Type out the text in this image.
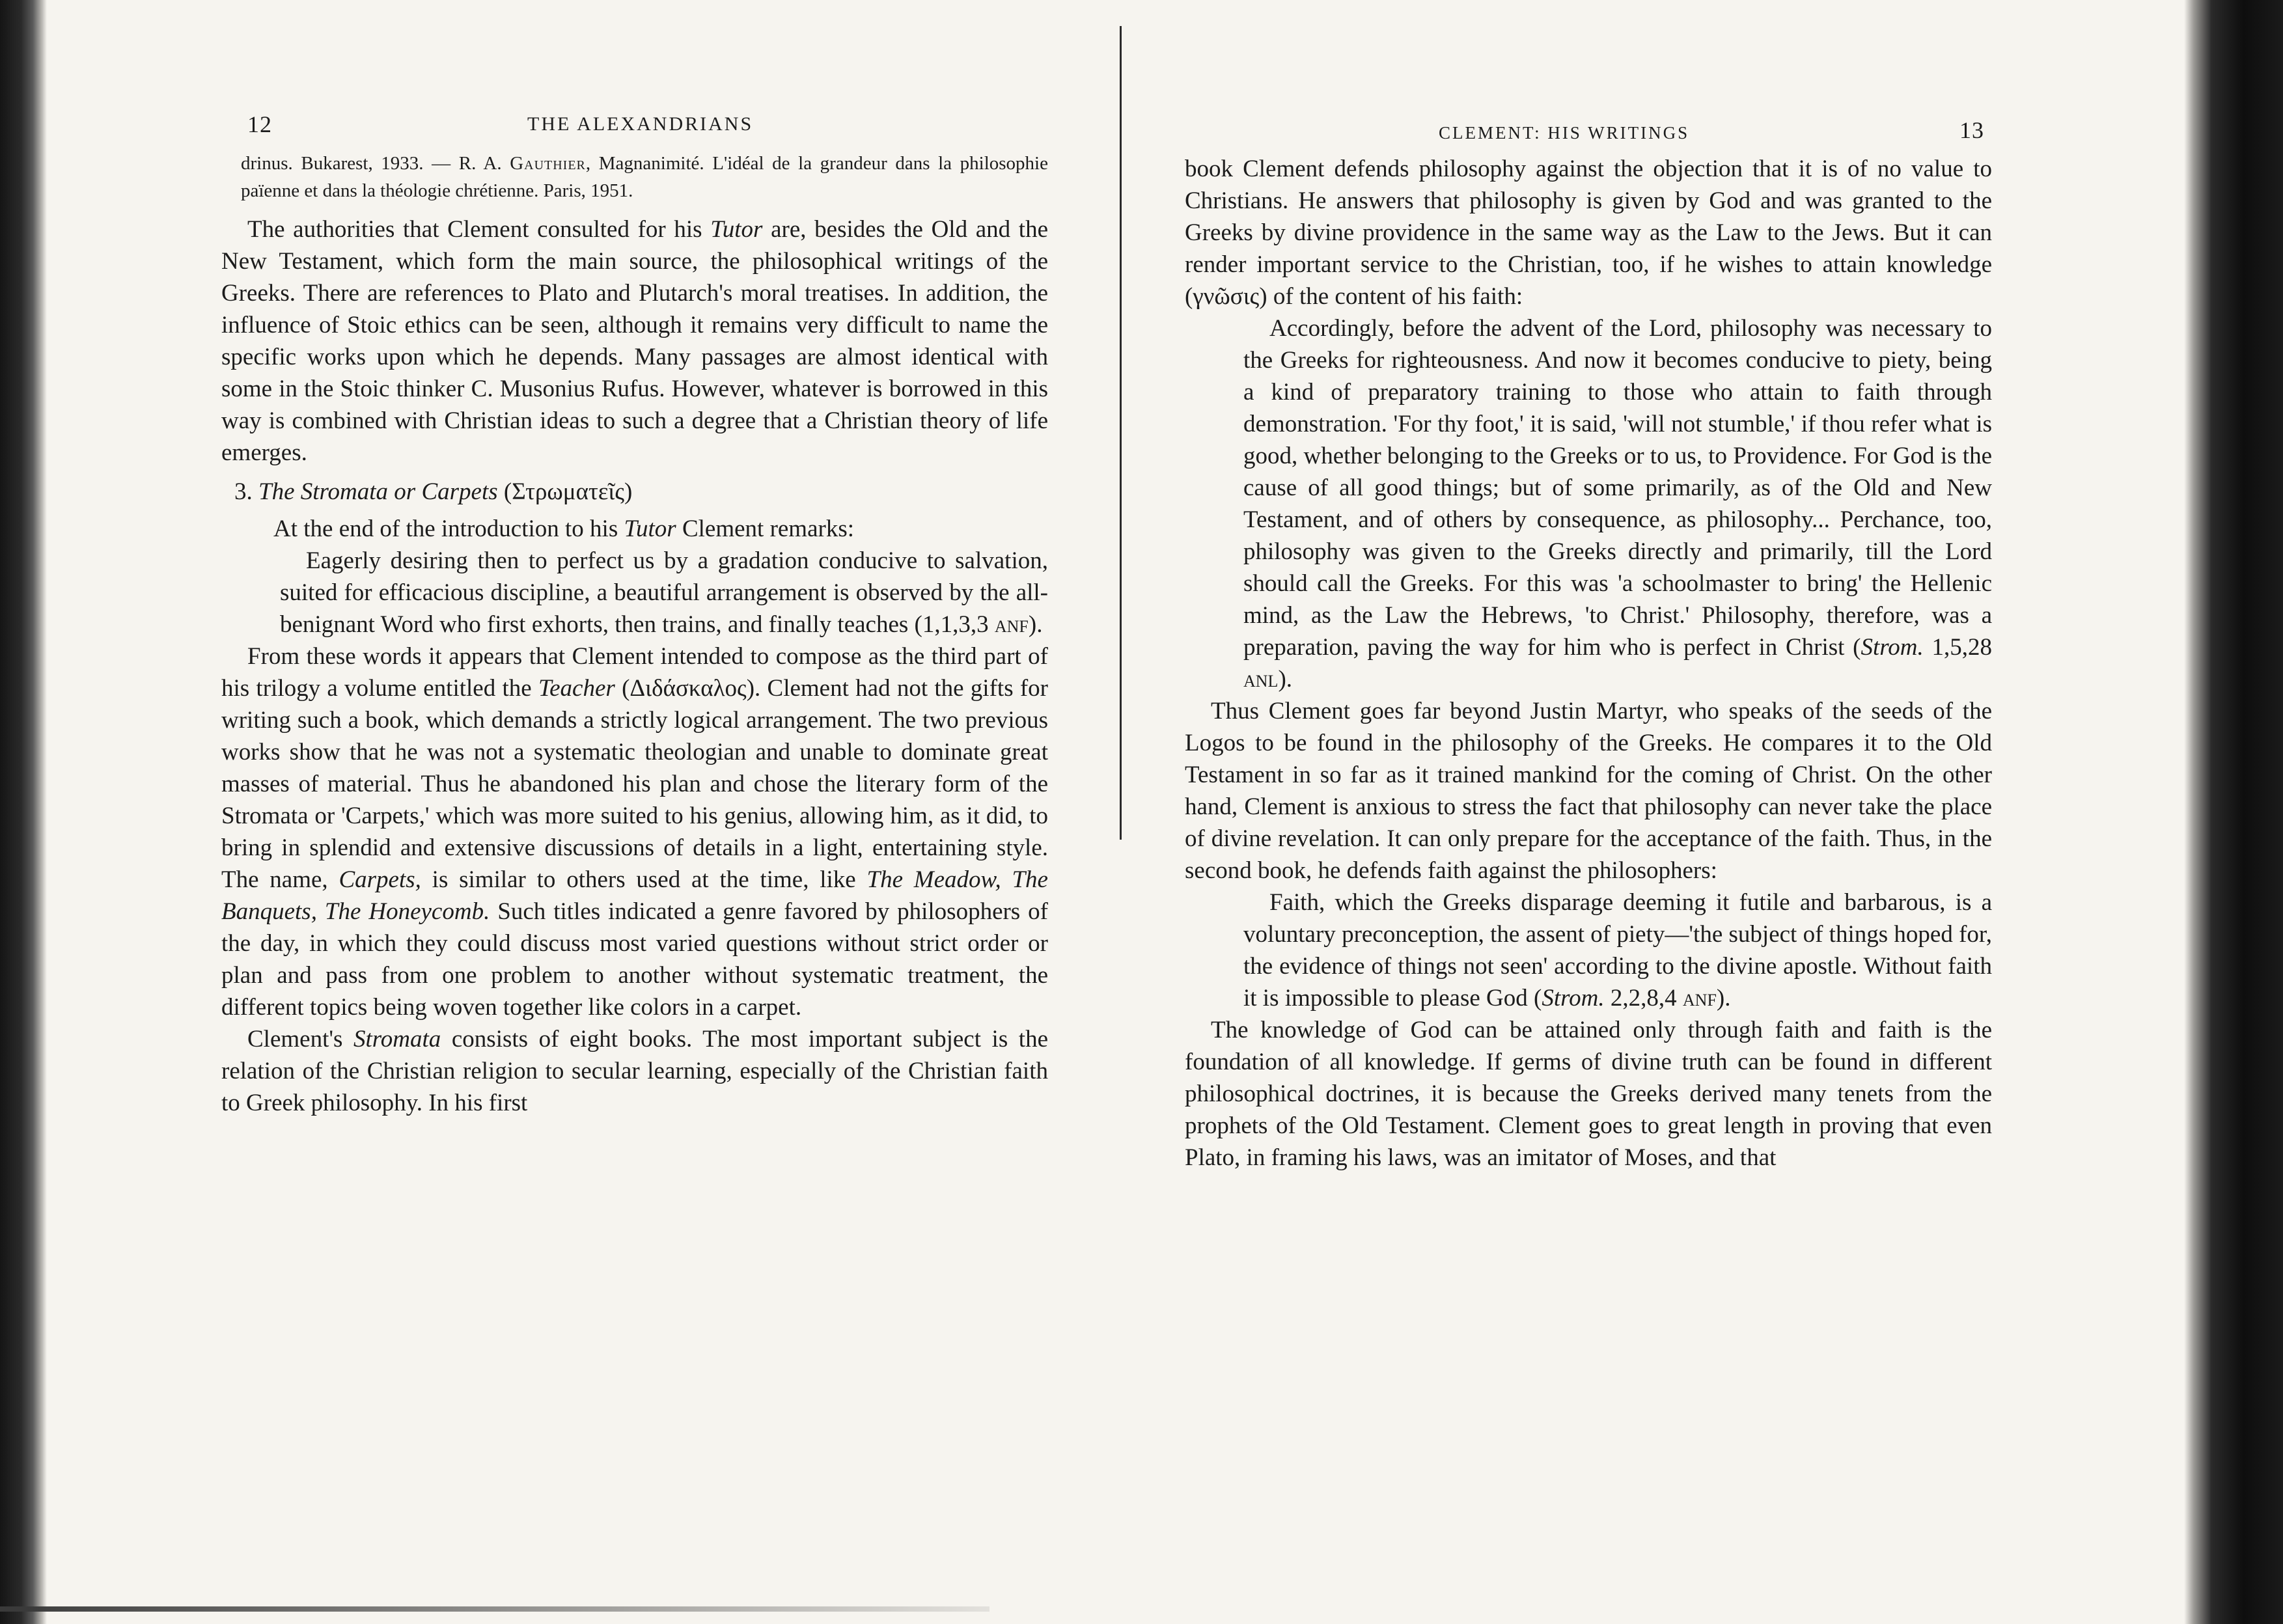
12	THE ALEXANDRIANS
drinus. Bukarest, 1933. — R. A. Gauthier, Magnanimité. L'idéal de la grandeur dans la philosophie païenne et dans la théologie chrétienne. Paris, 1951.

The authorities that Clement consulted for his Tutor are, besides the Old and the New Testament, which form the main source, the philosophical writings of the Greeks. There are references to Plato and Plutarch's moral treatises. In addition, the influence of Stoic ethics can be seen, although it remains very difficult to name the specific works upon which he depends. Many passages are almost identical with some in the Stoic thinker C. Musonius Rufus. However, whatever is borrowed in this way is combined with Christian ideas to such a degree that a Christian theory of life emerges.

3. The Stromata or Carpets (Στρωματεῖς)

At the end of the introduction to his Tutor Clement remarks:

Eagerly desiring then to perfect us by a gradation conducive to salvation, suited for efficacious discipline, a beautiful arrangement is observed by the all-benignant Word who first exhorts, then trains, and finally teaches (1,1,3,3 anf).

From these words it appears that Clement intended to compose as the third part of his trilogy a volume entitled the Teacher (Διδάσκαλος). Clement had not the gifts for writing such a book, which demands a strictly logical arrangement. The two previous works show that he was not a systematic theologian and unable to dominate great masses of material. Thus he abandoned his plan and chose the literary form of the Stromata or 'Carpets,' which was more suited to his genius, allowing him, as it did, to bring in splendid and extensive discussions of details in a light, entertaining style. The name, Carpets, is similar to others used at the time, like The Meadow, The Banquets, The Honeycomb. Such titles indicated a genre favored by philosophers of the day, in which they could discuss most varied questions without strict order or plan and pass from one problem to another without systematic treatment, the different topics being woven together like colors in a carpet.

Clement's Stromata consists of eight books. The most important subject is the relation of the Christian religion to secular learning, especially of the Christian faith to Greek philosophy. In his first

CLEMENT: HIS WRITINGS	13

book Clement defends philosophy against the objection that it is of no value to Christians. He answers that philosophy is given by God and was granted to the Greeks by divine providence in the same way as the Law to the Jews. But it can render important service to the Christian, too, if he wishes to attain knowledge (γνῶσις) of the content of his faith:

Accordingly, before the advent of the Lord, philosophy was necessary to the Greeks for righteousness. And now it becomes conducive to piety, being a kind of preparatory training to those who attain to faith through demonstration. 'For thy foot,' it is said, 'will not stumble,' if thou refer what is good, whether belonging to the Greeks or to us, to Providence. For God is the cause of all good things; but of some primarily, as of the Old and New Testament, and of others by consequence, as philosophy... Perchance, too, philosophy was given to the Greeks directly and primarily, till the Lord should call the Greeks. For this was 'a schoolmaster to bring' the Hellenic mind, as the Law the Hebrews, 'to Christ.' Philosophy, therefore, was a preparation, paving the way for him who is perfect in Christ (Strom. 1,5,28 anl).

Thus Clement goes far beyond Justin Martyr, who speaks of the seeds of the Logos to be found in the philosophy of the Greeks. He compares it to the Old Testament in so far as it trained mankind for the coming of Christ. On the other hand, Clement is anxious to stress the fact that philosophy can never take the place of divine revelation. It can only prepare for the acceptance of the faith. Thus, in the second book, he defends faith against the philosophers:

Faith, which the Greeks disparage deeming it futile and barbarous, is a voluntary preconception, the assent of piety—'the subject of things hoped for, the evidence of things not seen' according to the divine apostle. Without faith it is impossible to please God (Strom. 2,2,8,4 anf).

The knowledge of God can be attained only through faith and faith is the foundation of all knowledge. If germs of divine truth can be found in different philosophical doctrines, it is because the Greeks derived many tenets from the prophets of the Old Testament. Clement goes to great length in proving that even Plato, in framing his laws, was an imitator of Moses, and that
